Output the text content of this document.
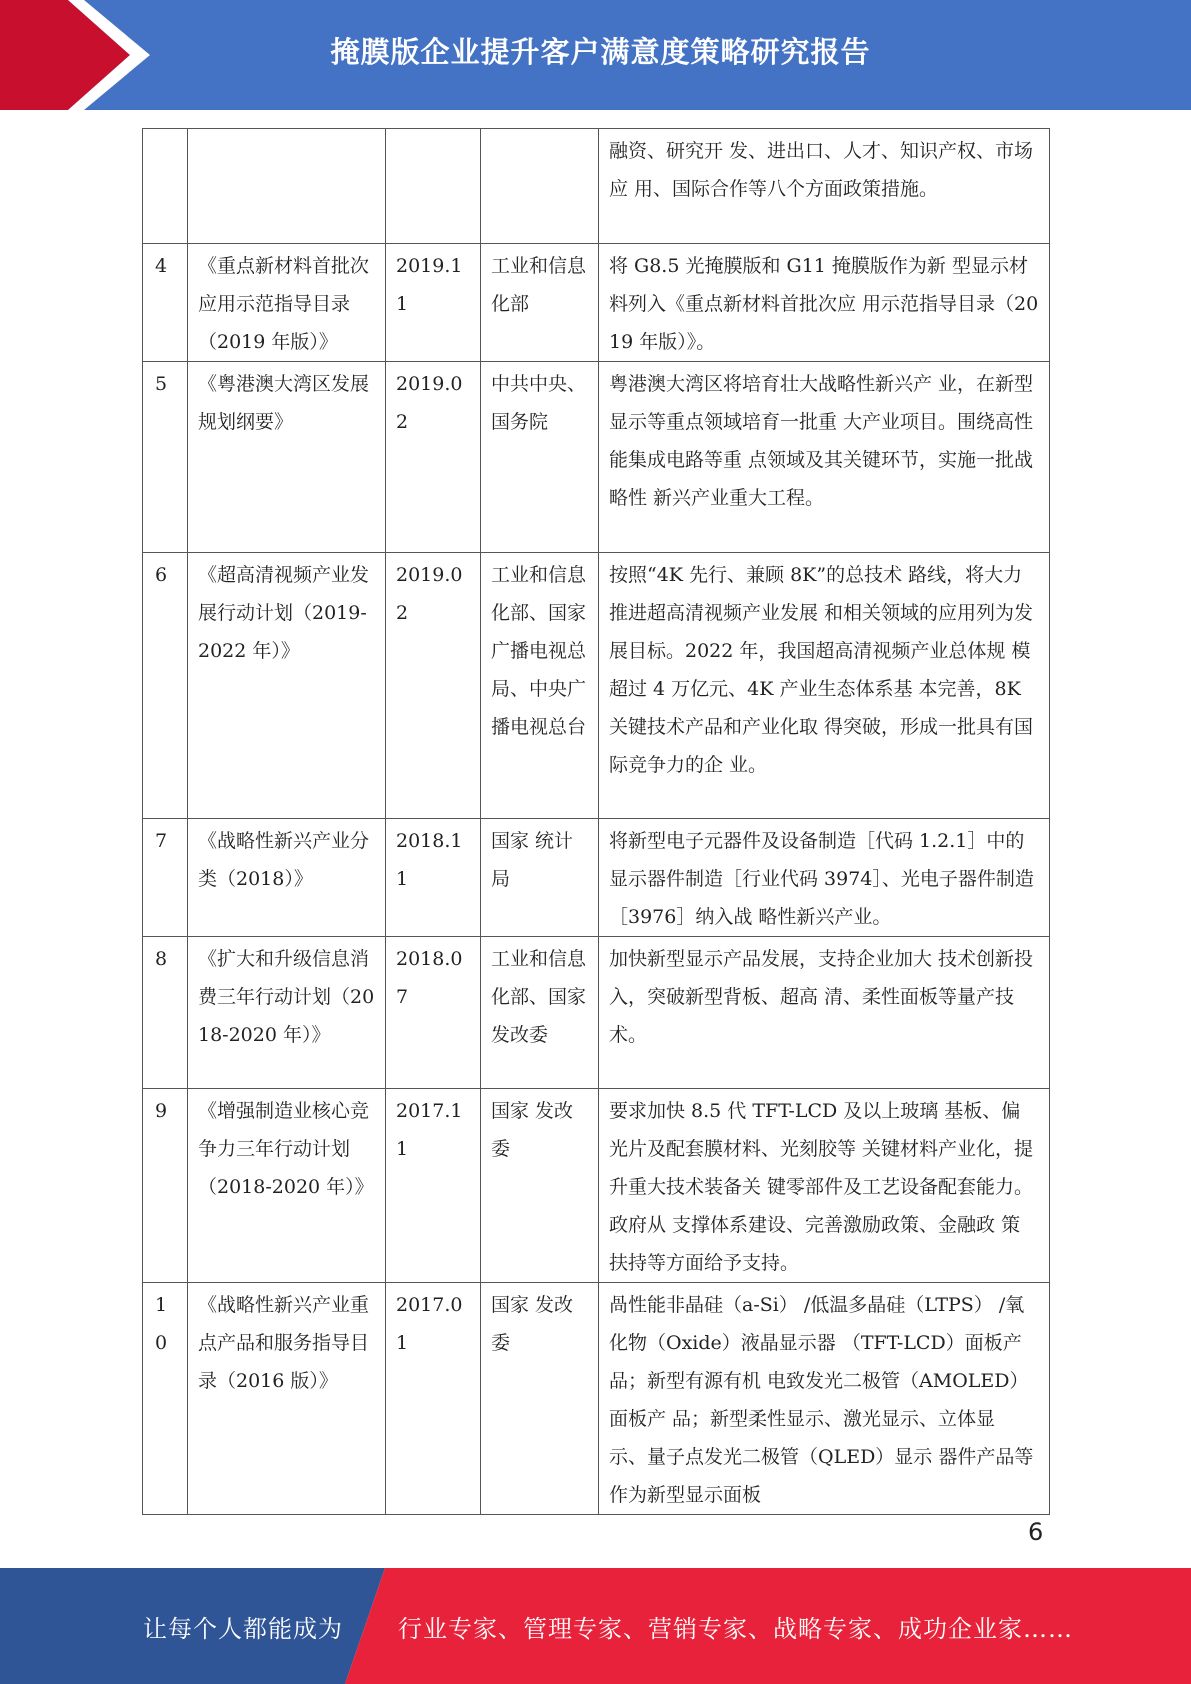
掩膜版企业提升客户满意度策略研究报告
				融资、研究开 发、进出口、人才、知识产权、市场应 用、国际合作等八个方面政策措施。
4	《重点新材料首批次应用示范指导目录（2019 年版）》	2019.11	工业和信息化部	将 G8.5 光掩膜版和 G11 掩膜版作为新 型显示材料列入《重点新材料首批次应 用示范指导目录（2019 年版）》。
5	《粤港澳大湾区发展规划纲要》	2019.02	中共中央、国务院	粤港澳大湾区将培育壮大战略性新兴产 业，在新型显示等重点领域培育一批重 大产业项目。围绕高性能集成电路等重 点领域及其关键环节，实施一批战略性 新兴产业重大工程。
6	《超高清视频产业发展行动计划（2019-2022 年）》	2019.02	工业和信息化部、国家广播电视总局、中央广播电视总台	按照“4K 先行、兼顾 8K”的总技术 路线，将大力推进超高清视频产业发展 和相关领域的应用列为发展目标。2022 年，我国超高清视频产业总体规 模超过 4 万亿元、4K 产业生态体系基 本完善，8K 关键技术产品和产业化取 得突破，形成一批具有国际竞争力的企 业。
7	《战略性新兴产业分类（2018）》	2018.11	国家 统计局	将新型电子元器件及设备制造［代码 1.2.1］中的显示器件制造［行业代码 3974］、光电子器件制造［3976］纳入战 略性新兴产业。
8	《扩大和升级信息消费三年行动计划（2018-2020 年）》	2018.07	工业和信息化部、国家发改委	加快新型显示产品发展，支持企业加大 技术创新投入，突破新型背板、超高 清、柔性面板等量产技术。
9	《增强制造业核心竞争力三年行动计划（2018-2020 年）》	2017.11	国家 发改委	要求加快 8.5 代 TFT-LCD 及以上玻璃 基板、偏光片及配套膜材料、光刻胶等 关键材料产业化，提升重大技术装备关 键零部件及工艺设备配套能力。政府从 支撑体系建设、完善激励政策、金融政 策扶持等方面给予支持。
10	《战略性新兴产业重点产品和服务指导目录（2016 版）》	2017.01	国家 发改委	咼性能非晶硅（a-Si） /低温多晶硅（LTPS） /氧化物（Oxide）液晶显示器 （TFT-LCD）面板产品；新型有源有机 电致发光二极管（AMOLED）面板产 品；新型柔性显示、激光显示、立体显 示、量子点发光二极管（QLED）显示 器件产品等作为新型显示面板
6
让每个人都能成为 行业专家、管理专家、营销专家、战略专家、成功企业家……
